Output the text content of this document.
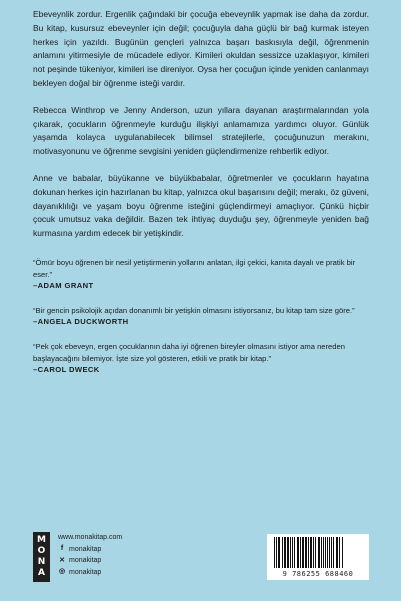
Ebeveynlik zordur. Ergenlik çağındaki bir çocuğa ebeveynlik yapmak ise daha da zordur. Bu kitap, kusursuz ebeveynler için değil; çocuğuyla daha güçlü bir bağ kurmak isteyen herkes için yazıldı. Bugünün gençleri yalnızca başarı baskısıyla değil, öğrenmenin anlamını yitirmesiyle de mücadele ediyor. Kimileri okuldan sessizce uzaklaşıyor, kimileri not peşinde tükeniyor, kimileri ise direniyor. Oysa her çocuğun içinde yeniden canlanmayı bekleyen doğal bir öğrenme isteği vardır.

Rebecca Winthrop ve Jenny Anderson, uzun yıllara dayanan araştırmalarından yola çıkarak, çocukların öğrenmeyle kurduğu ilişkiyi anlamamıza yardımcı oluyor. Günlük yaşamda kolayca uygulanabilecek bilimsel stratejilerle, çocuğunuzun merakını, motivasyonunu ve öğrenme sevgisini yeniden güçlendirmenize rehberlik ediyor.

Anne ve babalar, büyükanne ve büyükbabalar, öğretmenler ve çocukların hayatına dokunan herkes için hazırlanan bu kitap, yalnızca okul başarısını değil; merakı, öz güveni, dayanıklılığı ve yaşam boyu öğrenme isteğini güçlendirmeyi amaçlıyor. Çünkü hiçbir çocuk umutsuz vaka değildir. Bazen tek ihtiyaç duyduğu şey, öğrenmeyle yeniden bağ kurmasına yardım edecek bir yetişkindir.

“Ömür boyu öğrenen bir nesil yetiştirmenin yollarını anlatan, ilgi çekici, kanıta dayalı ve pratik bir eser.”

–ADAM GRANT

“Bir gencin psikolojik açıdan donanımlı bir yetişkin olmasını istiyorsanız, bu kitap tam size göre.”

–ANGELA DUCKWORTH

“Pek çok ebeveyn, ergen çocuklarının daha iyi öğrenen bireyler olmasını istiyor ama nereden başlayacağını bilemiyor. İşte size yol gösteren, etkili ve pratik bir kitap.”

–CAROL DWECK

M
O
N
A
www.monakitap.com
f monakitap
✕ monakitap
◎ monakitap	9 786255 688460
